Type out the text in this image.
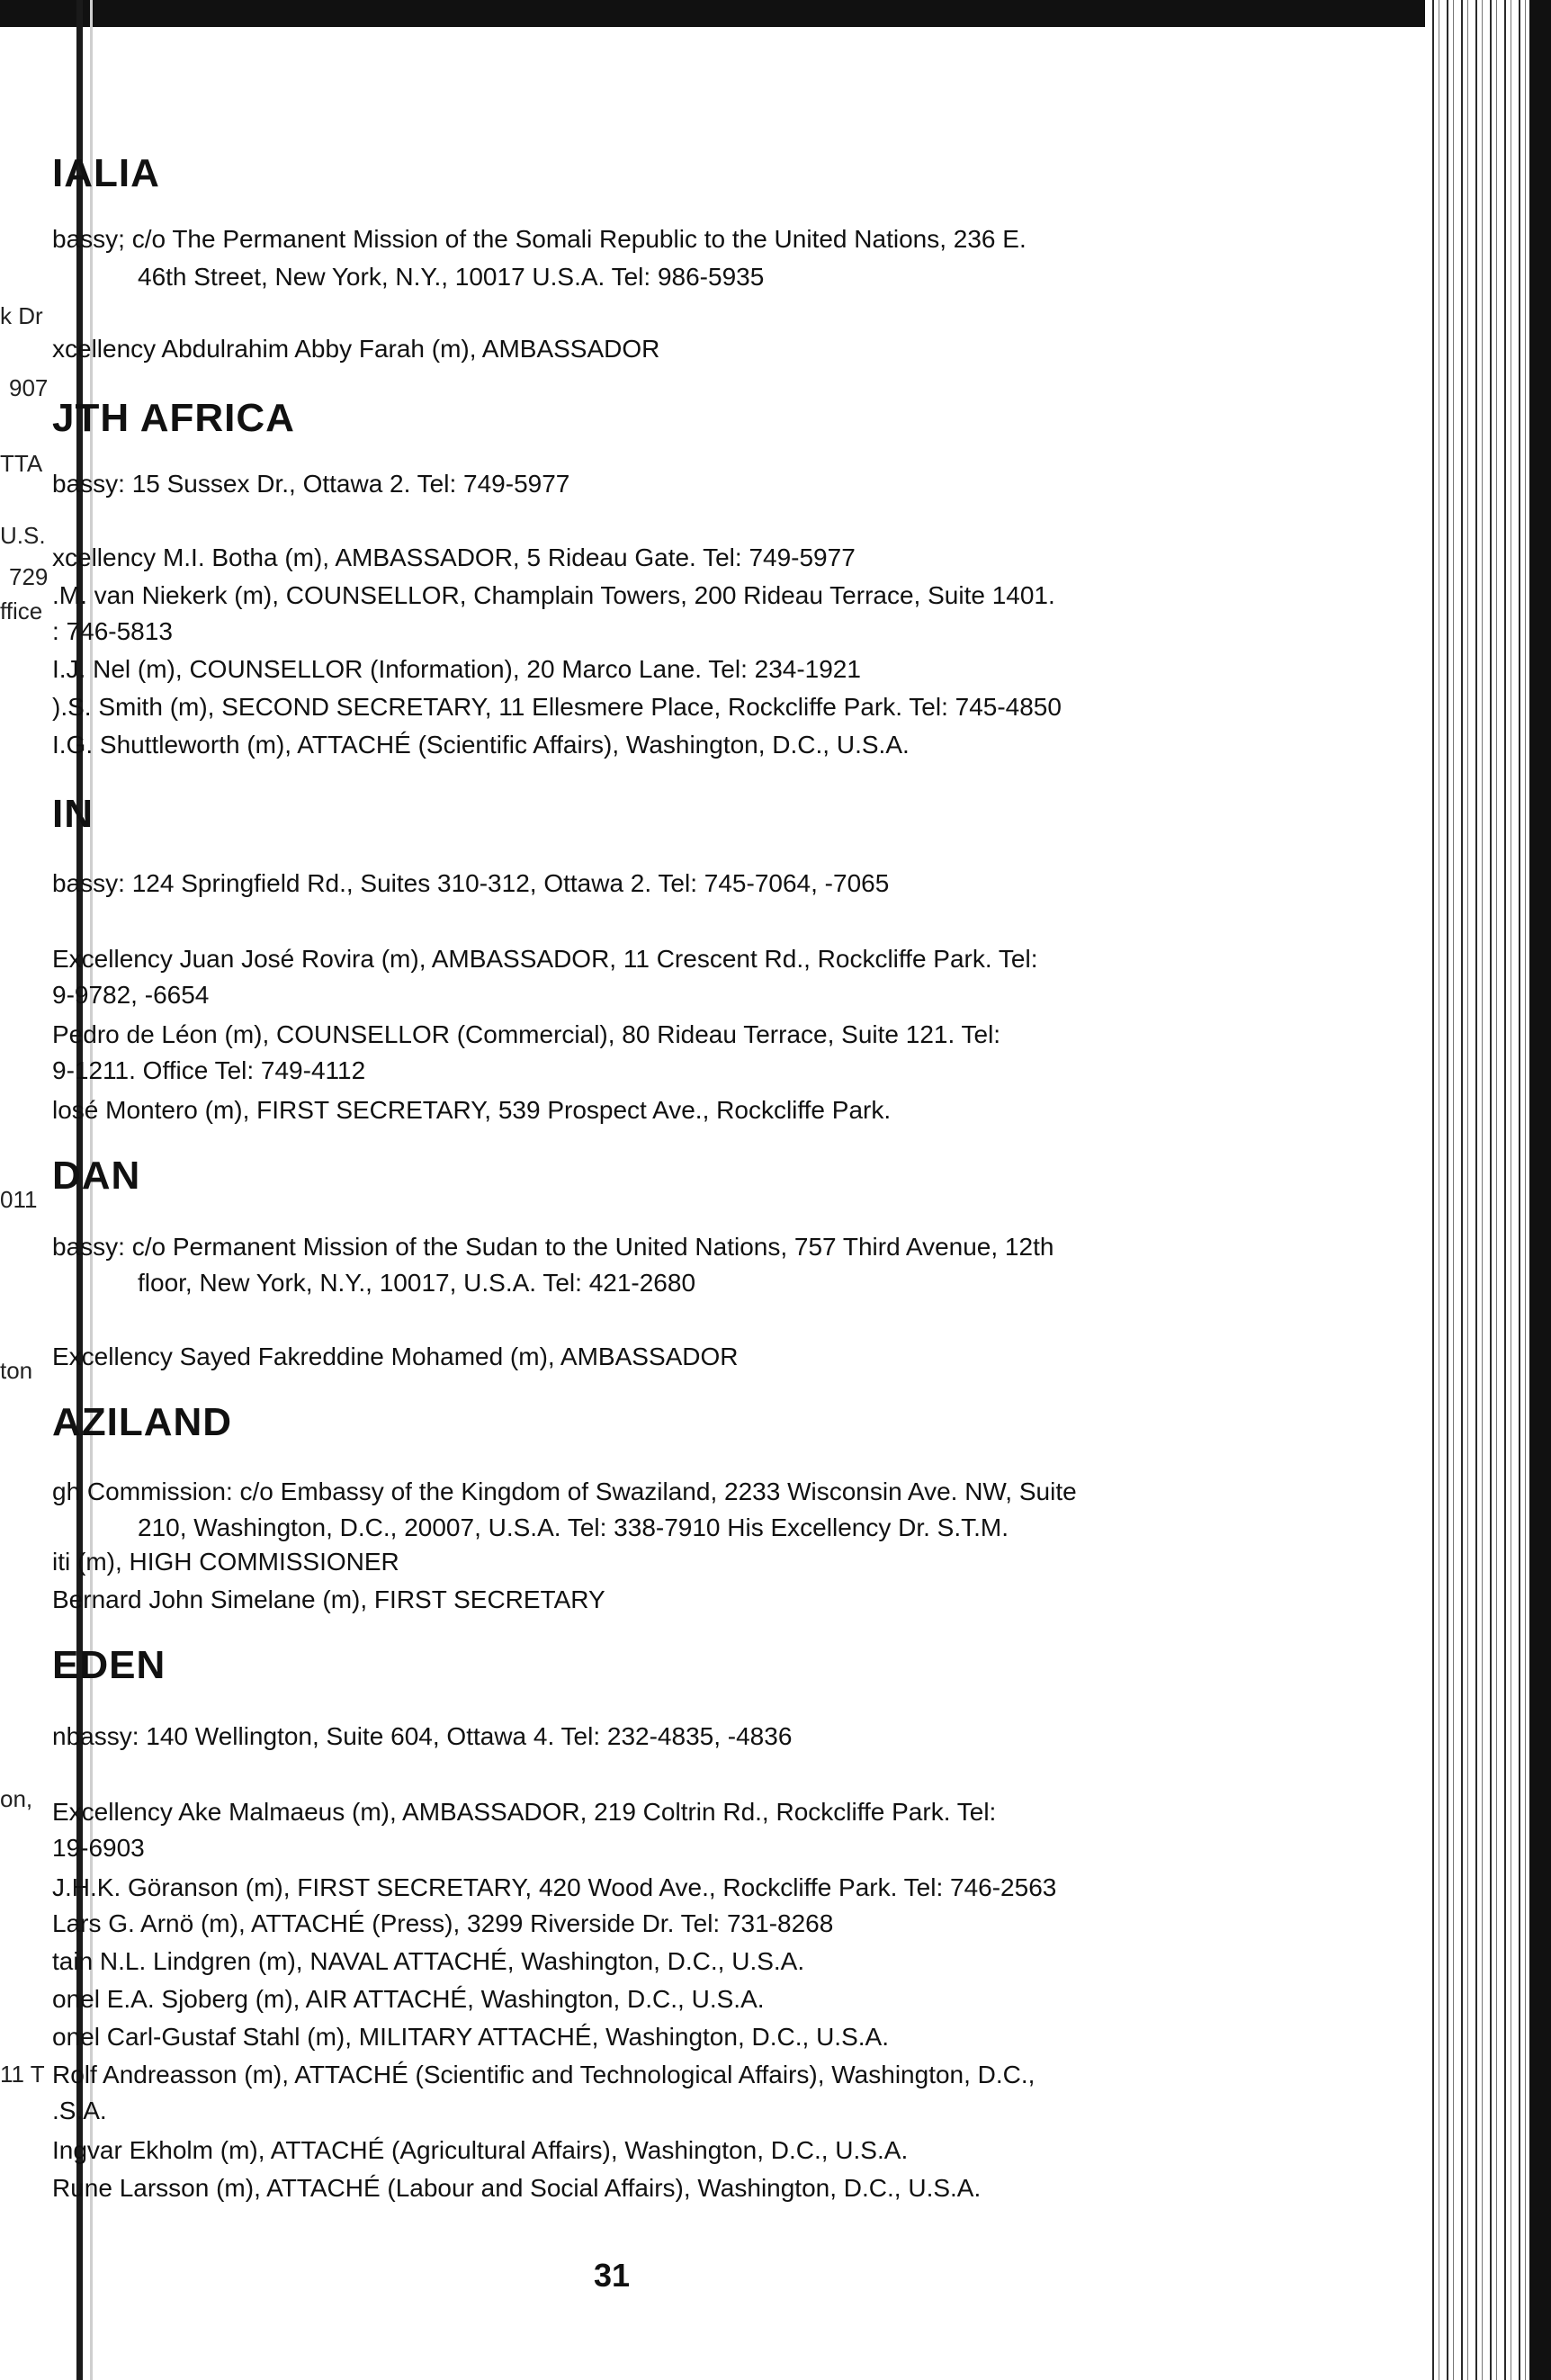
k Dr
907
TTA
U.S.
729
ffice
011
ton
on,
11 T
IALIA
bassy; c/o The Permanent Mission of the Somali Republic to the United Nations, 236 E.
46th Street, New York, N.Y., 10017 U.S.A. Tel: 986-5935
xcellency Abdulrahim Abby Farah (m), AMBASSADOR
JTH AFRICA
bassy: 15 Sussex Dr., Ottawa 2. Tel: 749-5977
xcellency M.I. Botha (m), AMBASSADOR, 5 Rideau Gate. Tel: 749-5977
.M. van Niekerk (m), COUNSELLOR, Champlain Towers, 200 Rideau Terrace, Suite 1401.
: 746-5813
I.J. Nel (m), COUNSELLOR (Information), 20 Marco Lane. Tel: 234-1921
).S. Smith (m), SECOND SECRETARY, 11 Ellesmere Place, Rockcliffe Park. Tel: 745-4850
I.G. Shuttleworth (m), ATTACHÉ (Scientific Affairs), Washington, D.C., U.S.A.
IN
bassy: 124 Springfield Rd., Suites 310-312, Ottawa 2. Tel: 745-7064, -7065
Excellency Juan José Rovira (m), AMBASSADOR, 11 Crescent Rd., Rockcliffe Park. Tel:
9-9782, -6654
Pedro de Léon (m), COUNSELLOR (Commercial), 80 Rideau Terrace, Suite 121. Tel:
9-1211. Office Tel: 749-4112
losé Montero (m), FIRST SECRETARY, 539 Prospect Ave., Rockcliffe Park.
DAN
bassy: c/o Permanent Mission of the Sudan to the United Nations, 757 Third Avenue, 12th
floor, New York, N.Y., 10017, U.S.A. Tel: 421-2680
Excellency Sayed Fakreddine Mohamed (m), AMBASSADOR
AZILAND
gh Commission: c/o Embassy of the Kingdom of Swaziland, 2233 Wisconsin Ave. NW, Suite
210, Washington, D.C., 20007, U.S.A. Tel: 338-7910 His Excellency Dr. S.T.M.
iti (m), HIGH COMMISSIONER
Bernard John Simelane (m), FIRST SECRETARY
EDEN
nbassy: 140 Wellington, Suite 604, Ottawa 4. Tel: 232-4835, -4836
Excellency Ake Malmaeus (m), AMBASSADOR, 219 Coltrin Rd., Rockcliffe Park. Tel:
19-6903
J.H.K. Göranson (m), FIRST SECRETARY, 420 Wood Ave., Rockcliffe Park. Tel: 746-2563
Lars G. Arnö (m), ATTACHÉ (Press), 3299 Riverside Dr. Tel: 731-8268
tain N.L. Lindgren (m), NAVAL ATTACHÉ, Washington, D.C., U.S.A.
onel E.A. Sjoberg (m), AIR ATTACHÉ, Washington, D.C., U.S.A.
onel Carl-Gustaf Stahl (m), MILITARY ATTACHÉ, Washington, D.C., U.S.A.
Rolf Andreasson (m), ATTACHÉ (Scientific and Technological Affairs), Washington, D.C.,
.S.A.
Ingvar Ekholm (m), ATTACHÉ (Agricultural Affairs), Washington, D.C., U.S.A.
Rune Larsson (m), ATTACHÉ (Labour and Social Affairs), Washington, D.C., U.S.A.
31
